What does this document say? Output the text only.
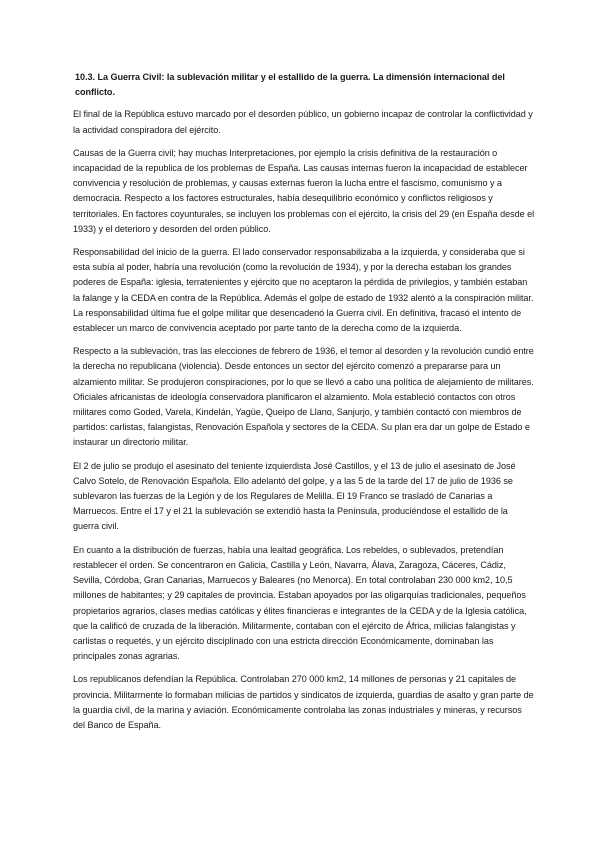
10.3. La Guerra Civil: la sublevación militar y el estallido de la guerra. La dimensión internacional del conflicto.

El final de la República estuvo marcado por el desorden público, un gobierno incapaz de controlar la conflictividad y la actividad conspiradora del ejército.

Causas de la Guerra civil; hay muchas Interpretaciones, por ejemplo la crisis definitiva de la restauración o incapacidad de la republica de los problemas de España. Las causas internas fueron la incapacidad de establecer convivencia y resolución de problemas, y causas externas fueron la lucha entre el fascismo, comunismo y a democracia. Respecto a los factores estructurales, había desequilibrio económico y conflictos religiosos y territoriales. En factores coyunturales, se incluyen los problemas con el ejército, la crisis del 29 (en España desde el 1933) y el deterioro y desorden del orden público.

Responsabilidad del inicio de la guerra. El lado conservador responsabilizaba a la izquierda, y consideraba que si esta subía al poder, habría una revolución (como la revolución de 1934), y por la derecha estaban los grandes poderes de España: iglesia, terratenientes y ejército que no aceptaron la pérdida de privilegios, y también estaban la falange y la CEDA en contra de la República. Además el golpe de estado de 1932 alentó a la conspiración militar. La responsabilidad última fue el golpe militar que desencadenó la Guerra civil. En definitiva, fracasó el intento de establecer un marco de convivencia aceptado por parte tanto de la derecha como de la izquierda.

Respecto a la sublevación, tras las elecciones de febrero de 1936, el temor al desorden y la revolución cundió entre la derecha no republicana (violencia). Desde entonces un sector del ejército comenzó a prepararse para un alzamiento militar. Se produjeron conspiraciones, por lo que se llevó a cabo una política de alejamiento de militares. Oficiales africanistas de ideología conservadora planificaron el alzamiento. Mola estableció contactos con otros militares como Goded, Varela, Kindelán, Yagüe, Queipo de Llano, Sanjurjo, y también contactó con miembros de partidos: carlistas, falangistas, Renovación Española y sectores de la CEDA. Su plan era dar un golpe de Estado e instaurar un directorio militar.

El 2 de julio se produjo el asesinato del teniente izquierdista José Castillos, y el 13 de julio el asesinato de José Calvo Sotelo, de Renovación Española. Ello adelantó del golpe, y a las 5 de la tarde del 17 de julio de 1936 se sublevaron las fuerzas de la Legión y de los Regulares de Melilla. El 19 Franco se trasladó de Canarias a Marruecos. Entre el 17 y el 21 la sublevación se extendió hasta la Península, produciéndose el estallido de la guerra civil.

En cuanto a la distribución de fuerzas, había una lealtad geográfica. Los rebeldes, o sublevados, pretendían restablecer el orden. Se concentraron en Galicia, Castilla y León, Navarra, Álava, Zaragoza, Cáceres, Cádiz, Sevilla, Córdoba, Gran Canarias, Marruecos y Baleares (no Menorca). En total controlaban 230 000 km2, 10,5 millones de habitantes; y 29 capitales de provincia. Estaban apoyados por las oligarquías tradicionales, pequeños propietarios agrarios, clases medias católicas y élites financieras e integrantes de la CEDA y de la Iglesia católica, que la calificó de cruzada de la liberación. Militarmente, contaban con el ejército de África, milicias falangistas y carlistas o requetés, y un ejército disciplinado con una estricta dirección Económicamente, dominaban las principales zonas agrarias.

Los republicanos defendían la República. Controlaban 270 000 km2, 14 millones de personas y 21 capitales de provincia. Militarmente lo formaban milicias de partidos y sindicatos de izquierda, guardias de asalto y gran parte de la guardia civil, de la marina y aviación. Económicamente controlaba las zonas industriales y mineras, y recursos del Banco de España.
